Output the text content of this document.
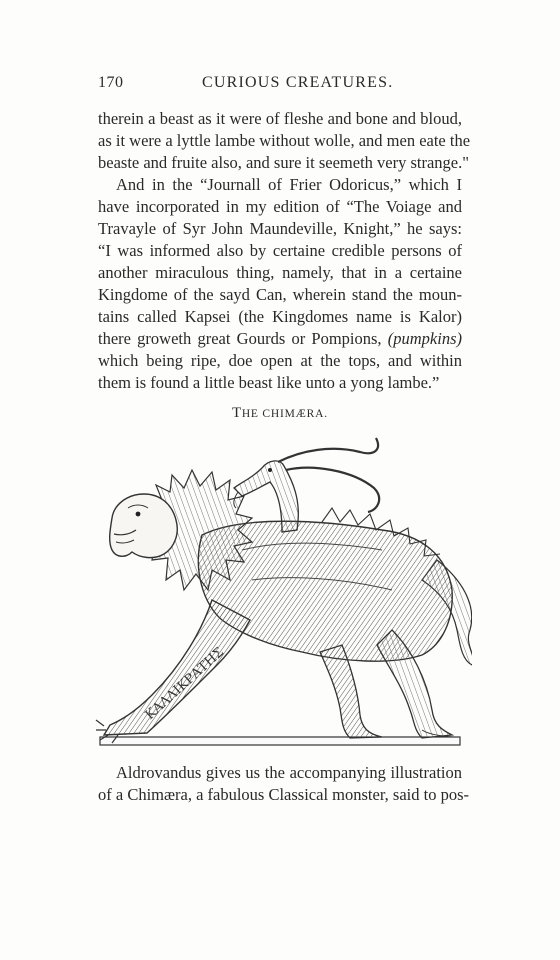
170	CURIOUS CREATURES.
therein a beast as it were of fleshe and bone and bloud,
as it were a lyttle lambe without wolle, and men eate the
beaste and fruite also, and sure it seemeth very strange."
And in the “Journall of Frier Odoricus,” which I
have incorporated in my edition of “The Voiage and
Travayle of Syr John Maundeville, Knight,” he says:
“I was informed also by certaine credible persons of
another miraculous thing, namely, that in a certaine
Kingdome of the sayd Can, wherein stand the moun-
tains called Kapsei (the Kingdomes name is Kalor)
there groweth great Gourds or Pompions, (pumpkins)
which being ripe, doe open at the tops, and within
them is found a little beast like unto a yong lambe.”
THE CHIMÆRA.
ΚΑΛΛΙΚΡΑΤΗΣ
Aldrovandus gives us the accompanying illustration
of a Chimæra, a fabulous Classical monster, said to pos-
